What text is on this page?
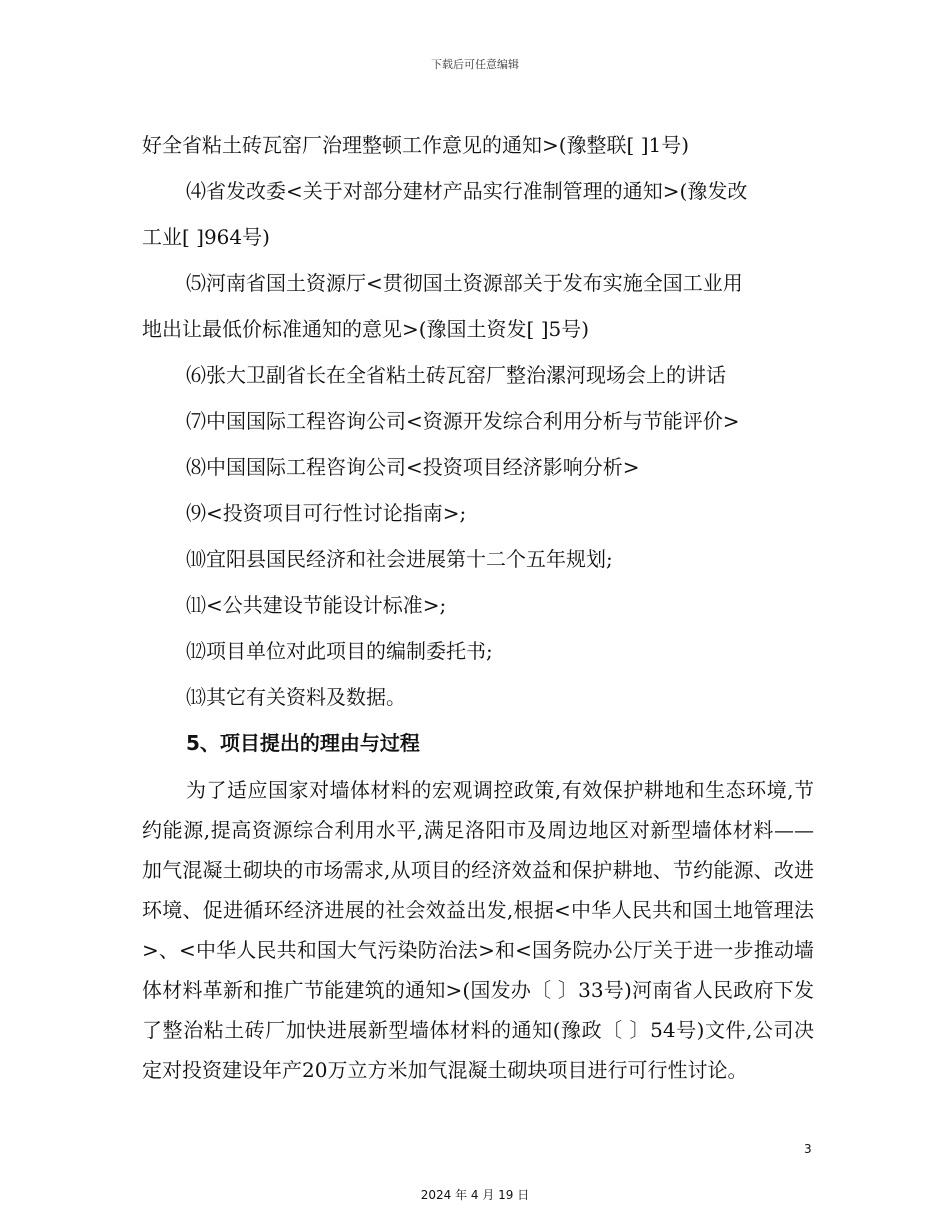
下载后可任意编辑
好全省粘土砖瓦窑厂治理整顿工作意见的通知>(豫整联[ ]1号)
⑷省发改委<关于对部分建材产品实行准制管理的通知>(豫发改
工业[ ]964号)
⑸河南省国土资源厅<贯彻国土资源部关于发布实施全国工业用
地出让最低价标准通知的意见>(豫国土资发[ ]5号)
⑹张大卫副省长在全省粘土砖瓦窑厂整治漯河现场会上的讲话
⑺中国国际工程咨询公司<资源开发综合利用分析与节能评价>
⑻中国国际工程咨询公司<投资项目经济影响分析>
⑼<投资项目可行性讨论指南>;
⑽宜阳县国民经济和社会进展第十二个五年规划;
⑾<公共建设节能设计标准>;
⑿项目单位对此项目的编制委托书;
⒀其它有关资料及数据。
5、项目提出的理由与过程
为了适应国家对墙体材料的宏观调控政策,有效保护耕地和生态环境,节约能源,提高资源综合利用水平,满足洛阳市及周边地区对新型墙体材料——加气混凝土砌块的市场需求,从项目的经济效益和保护耕地、节约能源、改进环境、促进循环经济进展的社会效益出发,根据<中华人民共和国土地管理法>、<中华人民共和国大气污染防治法>和<国务院办公厅关于进一步推动墙体材料革新和推广节能建筑的通知>(国发办〔 〕33号)河南省人民政府下发了整治粘土砖厂加快进展新型墙体材料的通知(豫政〔 〕54号)文件,公司决定对投资建设年产20万立方米加气混凝土砌块项目进行可行性讨论。
3
2024 年 4 月 19 日
